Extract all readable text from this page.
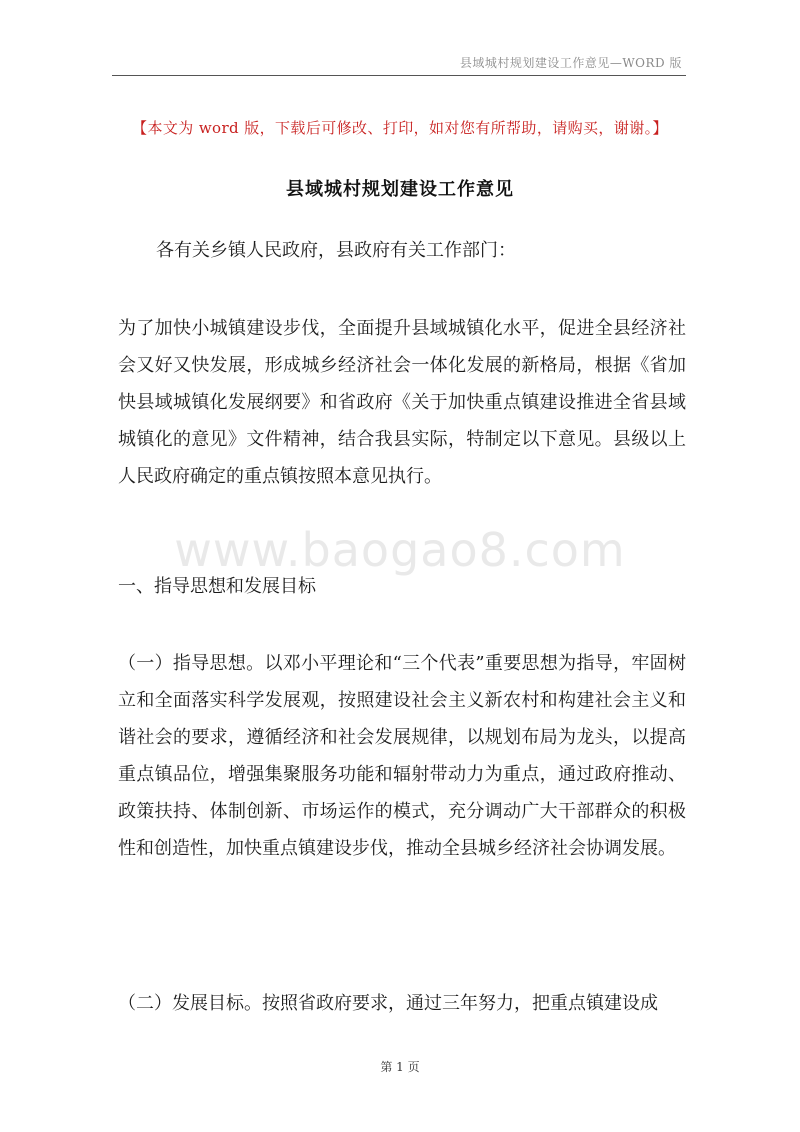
县域城村规划建设工作意见—WORD 版
【本文为 word 版，下载后可修改、打印，如对您有所帮助，请购买，谢谢。】
县域城村规划建设工作意见

各有关乡镇人民政府，县政府有关工作部门：

为了加快小城镇建设步伐，全面提升县域城镇化水平，促进全县经济社会又好又快发展，形成城乡经济社会一体化发展的新格局，根据《省加快县域城镇化发展纲要》和省政府《关于加快重点镇建设推进全省县域城镇化的意见》文件精神，结合我县实际，特制定以下意见。县级以上人民政府确定的重点镇按照本意见执行。

www.baogao8.com

一、指导思想和发展目标

（一）指导思想。以邓小平理论和“三个代表”重要思想为指导，牢固树立和全面落实科学发展观，按照建设社会主义新农村和构建社会主义和谐社会的要求，遵循经济和社会发展规律，以规划布局为龙头，以提高重点镇品位，增强集聚服务功能和辐射带动力为重点，通过政府推动、政策扶持、体制创新、市场运作的模式，充分调动广大干部群众的积极性和创造性，加快重点镇建设步伐，推动全县城乡经济社会协调发展。

（二）发展目标。按照省政府要求，通过三年努力，把重点镇建设成

第 1 页
